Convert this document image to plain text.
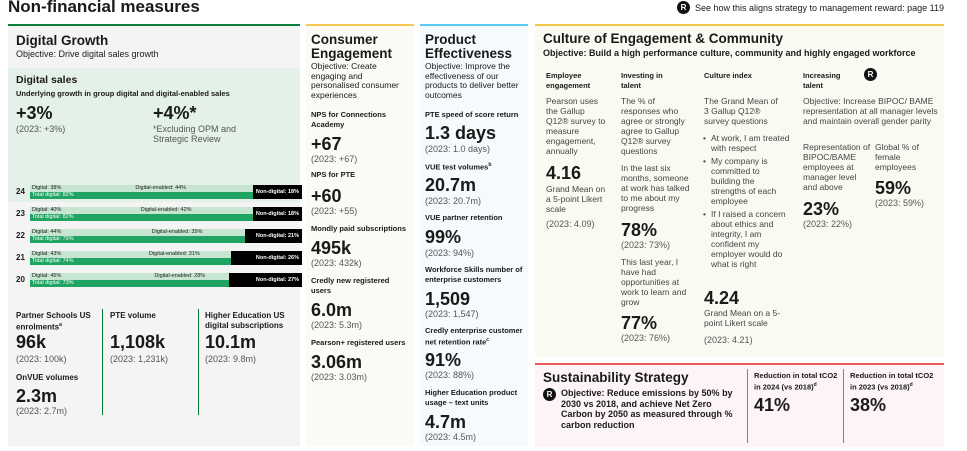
Non-financial measures	R See how this aligns strategy to management reward: page 119
Digital Growth
Objective: Drive digital sales growth
Digital sales
Underlying growth in group digital and digital-enabled sales
+3%
(2023: +3%)
+4%*
*Excluding OPM and Strategic Review
24	Digital: 38%	Digital-enabled: 44%
Total digital: 82%	Non-digital: 18%
23	Digital: 40%	Digital-enabled: 42%
Total digital: 82%	Non-digital: 18%
22	Digital: 44%	Digital-enabled: 35%
Total digital: 79%	Non-digital: 21%
21	Digital: 43%	Digital-enabled: 31%
Total digital: 74%	Non-digital: 26%
20	Digital: 45%	Digital-enabled: 28%
Total digital: 73%	Non-digital: 27%
Partner Schools US enrolments$^a$
96k
(2023: 100k)
PTE volume
1,108k
(2023: 1,231k)
Higher Education US digital subscriptions
10.1m
(2023: 9.8m)
OnVUE volumes
2.3m
(2023: 2.7m)
Consumer Engagement
Objective: Create engaging and personalised consumer experiences
NPS for Connections Academy
+67
(2023: +67)
NPS for PTE
+60
(2023: +55)
Mondly paid subscriptions
495k
(2023: 432k)
Credly new registered users
6.0m
(2023: 5.3m)
Pearson+ registered users
3.06m
(2023: 3.03m)
Product Effectiveness
Objective: Improve the effectiveness of our products to deliver better outcomes
PTE speed of score return
1.3 days
(2023: 1.0 days)
VUE test volumes$^b$
20.7m
(2023: 20.7m)
VUE partner retention
99%
(2023: 94%)
Workforce Skills number of enterprise customers
1,509
(2023: 1,547)
Credly enterprise customer net retention rate$^c$
91%
(2023: 88%)
Higher Education product usage – text units
4.7m
(2023: 4.5m)
Culture of Engagement & Community
Objective: Build a high performance culture, community and highly engaged workforce
Employee engagement
Pearson uses the Gallup Q12® survey to measure engagement, annually
4.16
Grand Mean on a 5-point Likert scale
(2023: 4.09)
Investing in talent
The % of responses who agree or strongly agree to Gallup Q12® survey questions
In the last six months, someone at work has talked to me about my progress
78%
(2023: 73%)
This last year, I have had opportunities at work to learn and grow
77%
(2023: 76%)
Culture index
The Grand Mean of 3 Gallup Q12® survey questions
• At work, I am treated with respect
• My company is committed to building the strengths of each employee
• If I raised a concern about ethics and integrity, I am confident my employer would do what is right
4.24
Grand Mean on a 5-point Likert scale
(2023: 4.21)
Increasing talent
R
Objective: Increase BIPOC/ BAME representation at all manager levels and maintain overall gender parity
Representation of BIPOC/BAME employees at manager level and above
23%
(2023: 22%)
Global % of female employees
59%
(2023: 59%)
Sustainability Strategy
R Objective: Reduce emissions by 50% by 2030 vs 2018, and achieve Net Zero Carbon by 2050 as measured through % carbon reduction
Reduction in total tCO2 in 2024 (vs 2018)$^d$
41%
Reduction in total tCO2 in 2023 (vs 2018)$^d$
38%
